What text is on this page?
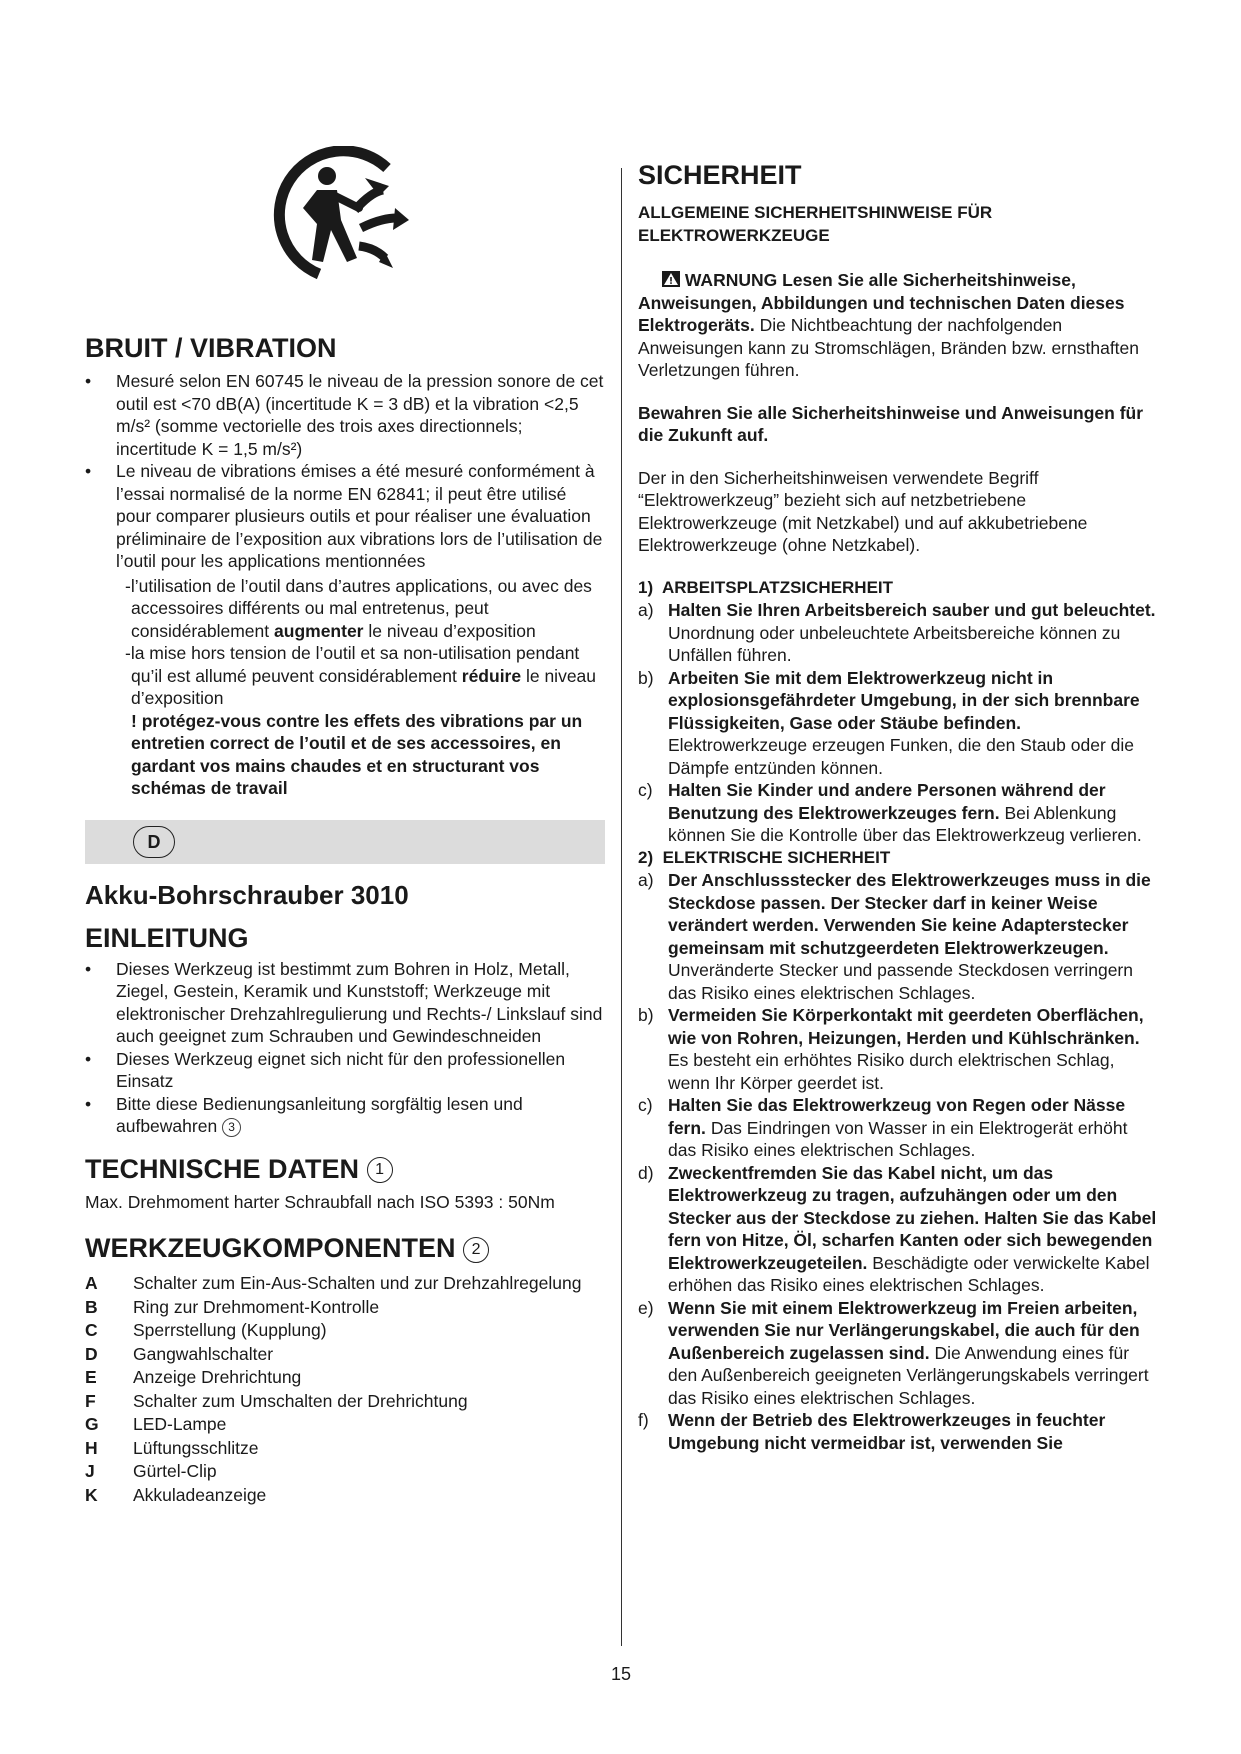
BRUIT / VIBRATION
• Mesuré selon EN 60745 le niveau de la pression sonore de cet outil est <70 dB(A) (incertitude K = 3 dB) et la vibration <2,5 m/s² (somme vectorielle des trois axes directionnels; incertitude K = 1,5 m/s²)
• Le niveau de vibrations émises a été mesuré conformément à l’essai normalisé de la norme EN 62841; il peut être utilisé pour comparer plusieurs outils et pour réaliser une évaluation préliminaire de l’exposition aux vibrations lors de l’utilisation de l’outil pour les applications mentionnées
-l’utilisation de l’outil dans d’autres applications, ou avec des accessoires différents ou mal entretenus, peut considérablement augmenter le niveau d’exposition
-la mise hors tension de l’outil et sa non-utilisation pendant qu’il est allumé peuvent considérablement réduire le niveau d’exposition
! protégez-vous contre les effets des vibrations par un entretien correct de l’outil et de ses accessoires, en gardant vos mains chaudes et en structurant vos schémas de travail
D
Akku-Bohrschrauber 3010
EINLEITUNG
• Dieses Werkzeug ist bestimmt zum Bohren in Holz, Metall, Ziegel, Gestein, Keramik und Kunststoff; Werkzeuge mit elektronischer Drehzahlregulierung und Rechts-/ Linkslauf sind auch geeignet zum Schrauben und Gewindeschneiden
• Dieses Werkzeug eignet sich nicht für den professionellen Einsatz
• Bitte diese Bedienungsanleitung sorgfältig lesen und aufbewahren 3
TECHNISCHE DATEN 1

Max. Drehmoment harter Schraubfall nach ISO 5393 : 50Nm

WERKZEUGKOMPONENTEN 2
A	Schalter zum Ein-Aus-Schalten und zur Drehzahlregelung
B	Ring zur Drehmoment-Kontrolle
C	Sperrstellung (Kupplung)
D	Gangwahlschalter
E	Anzeige Drehrichtung
F	Schalter zum Umschalten der Drehrichtung
G	LED-Lampe
H	Lüftungsschlitze
J	Gürtel-Clip
K	Akkuladeanzeige
SICHERHEIT
ALLGEMEINE SICHERHEITSHINWEISE FÜR ELEKTROWERKZEUGE

WARNUNG Lesen Sie alle Sicherheitshinweise, Anweisungen, Abbildungen und technischen Daten dieses Elektrogeräts. Die Nichtbeachtung der nachfolgenden Anweisungen kann zu Stromschlägen, Bränden bzw. ernsthaften Verletzungen führen.

Bewahren Sie alle Sicherheitshinweise und Anweisungen für die Zukunft auf.

Der in den Sicherheitshinweisen verwendete Begriff “Elektrowerkzeug” bezieht sich auf netzbetriebene Elektrowerkzeuge (mit Netzkabel) und auf akkubetriebene Elektrowerkzeuge (ohne Netzkabel).

1) ARBEITSPLATZSICHERHEIT
a) Halten Sie Ihren Arbeitsbereich sauber und gut beleuchtet. Unordnung oder unbeleuchtete Arbeitsbereiche können zu Unfällen führen.
b) Arbeiten Sie mit dem Elektrowerkzeug nicht in explosionsgefährdeter Umgebung, in der sich brennbare Flüssigkeiten, Gase oder Stäube befinden. Elektrowerkzeuge erzeugen Funken, die den Staub oder die Dämpfe entzünden können.
c) Halten Sie Kinder und andere Personen während der Benutzung des Elektrowerkzeuges fern. Bei Ablenkung können Sie die Kontrolle über das Elektrowerkzeug verlieren.
2) ELEKTRISCHE SICHERHEIT
a) Der Anschlussstecker des Elektrowerkzeuges muss in die Steckdose passen. Der Stecker darf in keiner Weise verändert werden. Verwenden Sie keine Adapterstecker gemeinsam mit schutzgeerdeten Elektrowerkzeugen. Unveränderte Stecker und passende Steckdosen verringern das Risiko eines elektrischen Schlages.
b) Vermeiden Sie Körperkontakt mit geerdeten Oberflächen, wie von Rohren, Heizungen, Herden und Kühlschränken. Es besteht ein erhöhtes Risiko durch elektrischen Schlag, wenn Ihr Körper geerdet ist.
c) Halten Sie das Elektrowerkzeug von Regen oder Nässe fern. Das Eindringen von Wasser in ein Elektrogerät erhöht das Risiko eines elektrischen Schlages.
d) Zweckentfremden Sie das Kabel nicht, um das Elektrowerkzeug zu tragen, aufzuhängen oder um den Stecker aus der Steckdose zu ziehen. Halten Sie das Kabel fern von Hitze, Öl, scharfen Kanten oder sich bewegenden Elektrowerkzeugeteilen. Beschädigte oder verwickelte Kabel erhöhen das Risiko eines elektrischen Schlages.
e) Wenn Sie mit einem Elektrowerkzeug im Freien arbeiten, verwenden Sie nur Verlängerungskabel, die auch für den Außenbereich zugelassen sind. Die Anwendung eines für den Außenbereich geeigneten Verlängerungskabels verringert das Risiko eines elektrischen Schlages.
f) Wenn der Betrieb des Elektrowerkzeuges in feuchter Umgebung nicht vermeidbar ist, verwenden Sie
15
